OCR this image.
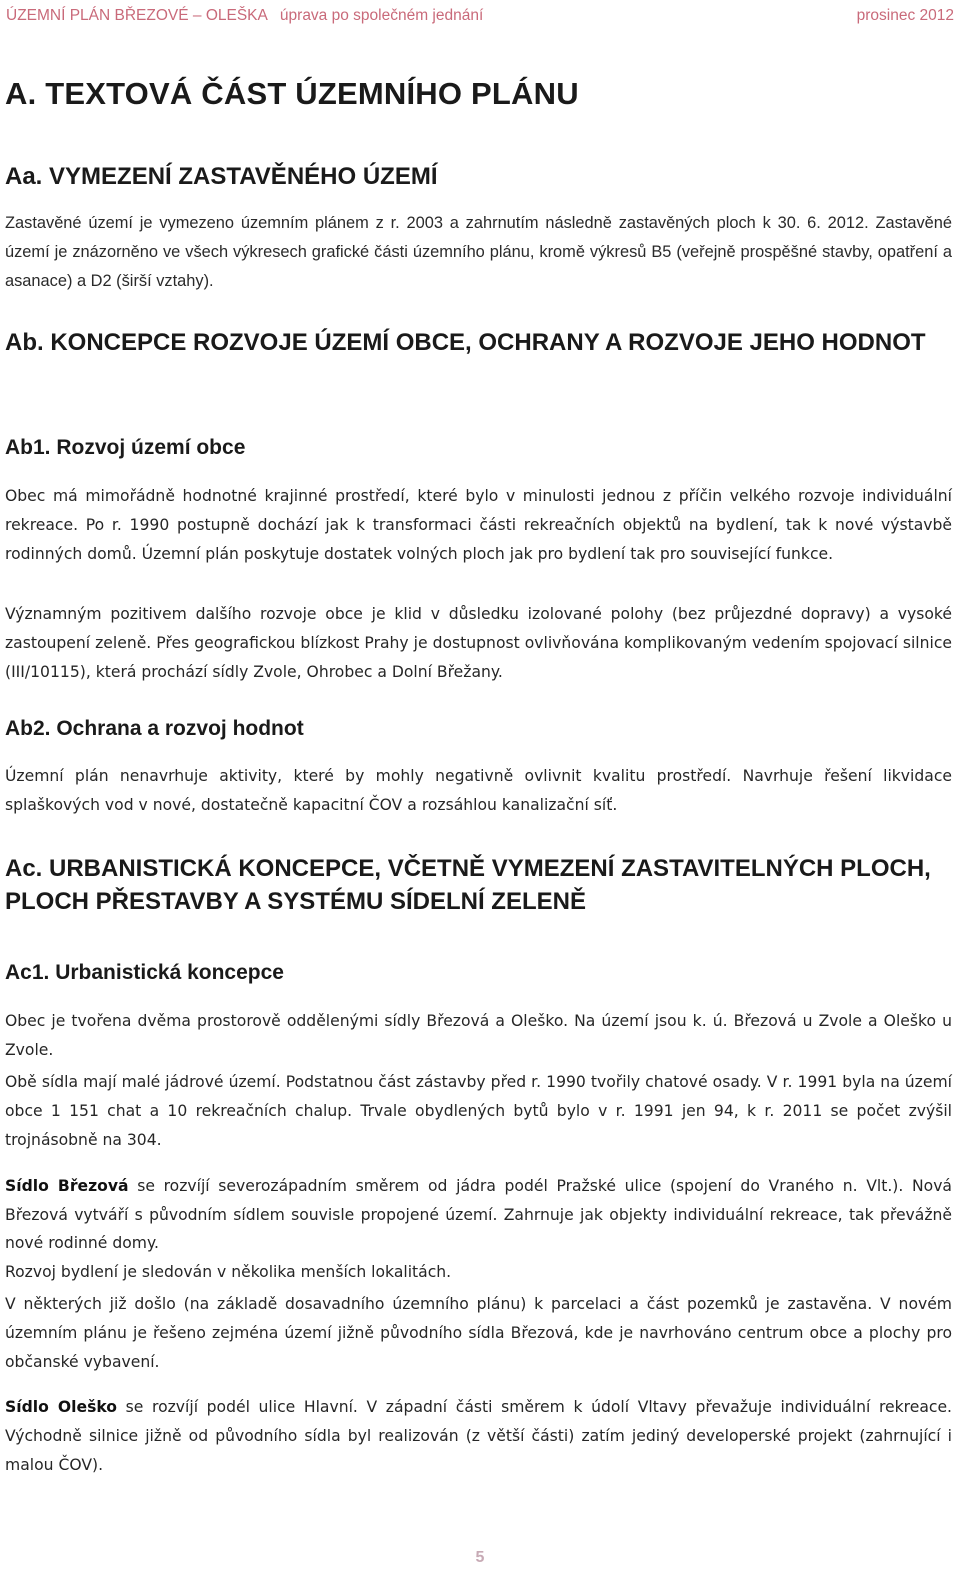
ÚZEMNÍ PLÁN BŘEZOVÉ – OLEŠKA   úprava po společném jednání	prosinec 2012
A. TEXTOVÁ ČÁST ÚZEMNÍHO PLÁNU
Aa. VYMEZENÍ ZASTAVĚNÉHO ÚZEMÍ

Zastavěné území je vymezeno územním plánem z r. 2003 a zahrnutím následně zastavěných ploch k 30. 6. 2012. Zastavěné území je znázorněno ve všech výkresech grafické části územního plánu, kromě výkresů B5 (veřejně prospěšné stavby, opatření a asanace) a D2 (širší vztahy).

Ab. KONCEPCE ROZVOJE ÚZEMÍ OBCE, OCHRANY A ROZVOJE JEHO HODNOT
Ab1. Rozvoj území obce

Obec má mimořádně hodnotné krajinné prostředí, které bylo v minulosti jednou z příčin velkého rozvoje individuální rekreace. Po r. 1990 postupně dochází jak k transformaci části rekreačních objektů na bydlení, tak k nové výstavbě rodinných domů. Územní plán poskytuje dostatek volných ploch jak pro bydlení tak pro související funkce.

Významným pozitivem dalšího rozvoje obce je klid v důsledku izolované polohy (bez průjezdné dopravy) a vysoké zastoupení zeleně. Přes geografickou blízkost Prahy je dostupnost ovlivňována komplikovaným vedením spojovací silnice (III/10115), která prochází sídly Zvole, Ohrobec a Dolní Břežany.

Ab2. Ochrana a rozvoj hodnot

Územní plán nenavrhuje aktivity, které by mohly negativně ovlivnit kvalitu prostředí. Navrhuje řešení likvidace splaškových vod v nové, dostatečně kapacitní ČOV a rozsáhlou kanalizační síť.

Ac. URBANISTICKÁ KONCEPCE, VČETNĚ VYMEZENÍ ZASTAVITELNÝCH PLOCH, PLOCH PŘESTAVBY A SYSTÉMU SÍDELNÍ ZELENĚ
Ac1. Urbanistická koncepce

Obec je tvořena dvěma prostorově oddělenými sídly Březová a Oleško. Na území jsou k. ú. Březová u Zvole a Oleško u Zvole.

Obě sídla mají malé jádrové území. Podstatnou část zástavby před r. 1990 tvořily chatové osady. V r. 1991 byla na území obce 1 151 chat a 10 rekreačních chalup. Trvale obydlených bytů bylo v r. 1991 jen 94, k r. 2011 se počet zvýšil trojnásobně na 304.

Sídlo Březová se rozvíjí severozápadním směrem od jádra podél Pražské ulice (spojení do Vraného n. Vlt.). Nová Březová vytváří s původním sídlem souvisle propojené území. Zahrnuje jak objekty individuální rekreace, tak převážně nové rodinné domy.
Rozvoj bydlení je sledován v několika menších lokalitách.

V některých již došlo (na základě dosavadního územního plánu) k parcelaci a část pozemků je zastavěna. V novém územním plánu je řešeno zejména území jižně původního sídla Březová, kde je navrhováno centrum obce a plochy pro občanské vybavení.

Sídlo Oleško se rozvíjí podél ulice Hlavní. V západní části směrem k údolí Vltavy převažuje individuální rekreace. Východně silnice jižně od původního sídla byl realizován (z větší části) zatím jediný developerské projekt (zahrnující i malou ČOV).

5
